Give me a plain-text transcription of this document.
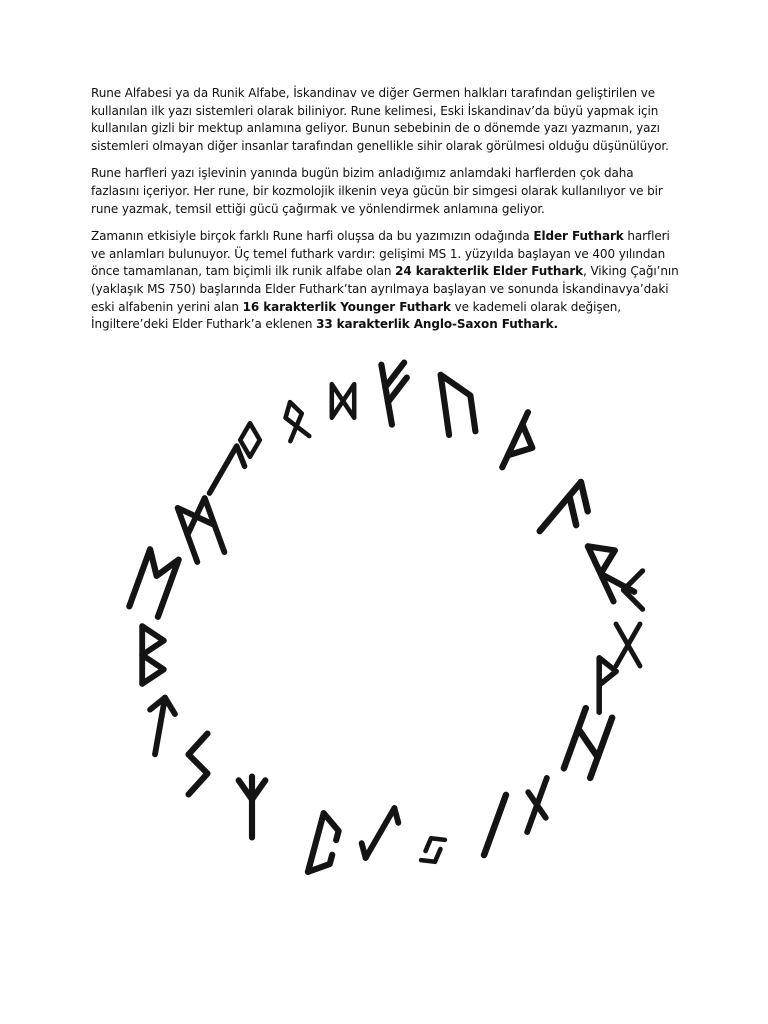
Rune Alfabesi ya da Runik Alfabe, İskandinav ve diğer Germen halkları tarafından geliştirilen ve kullanılan ilk yazı sistemleri olarak biliniyor. Rune kelimesi, Eski İskandinav’da büyü yapmak için kullanılan gizli bir mektup anlamına geliyor. Bunun sebebinin de o dönemde yazı yazmanın, yazı sistemleri olmayan diğer insanlar tarafından genellikle sihir olarak görülmesi olduğu düşünülüyor.

Rune harfleri yazı işlevinin yanında bugün bizim anladığımız anlamdaki harflerden çok daha fazlasını içeriyor. Her rune, bir kozmolojik ilkenin veya gücün bir simgesi olarak kullanılıyor ve bir rune yazmak, temsil ettiği gücü çağırmak ve yönlendirmek anlamına geliyor.

Zamanın etkisiyle birçok farklı Rune harfi oluşsa da bu yazımızın odağında Elder Futhark harfleri ve anlamları bulunuyor. Üç temel futhark vardır: gelişimi MS 1. yüzyılda başlayan ve 400 yılından önce tamamlanan, tam biçimli ilk runik alfabe olan 24 karakterlik Elder Futhark, Viking Çağı’nın (yaklaşık MS 750) başlarında Elder Futhark’tan ayrılmaya başlayan ve sonunda İskandinavya’daki eski alfabenin yerini alan 16 karakterlik Younger Futhark ve kademeli olarak değişen, İngiltere’deki Elder Futhark’a eklenen 33 karakterlik Anglo-Saxon Futhark.
